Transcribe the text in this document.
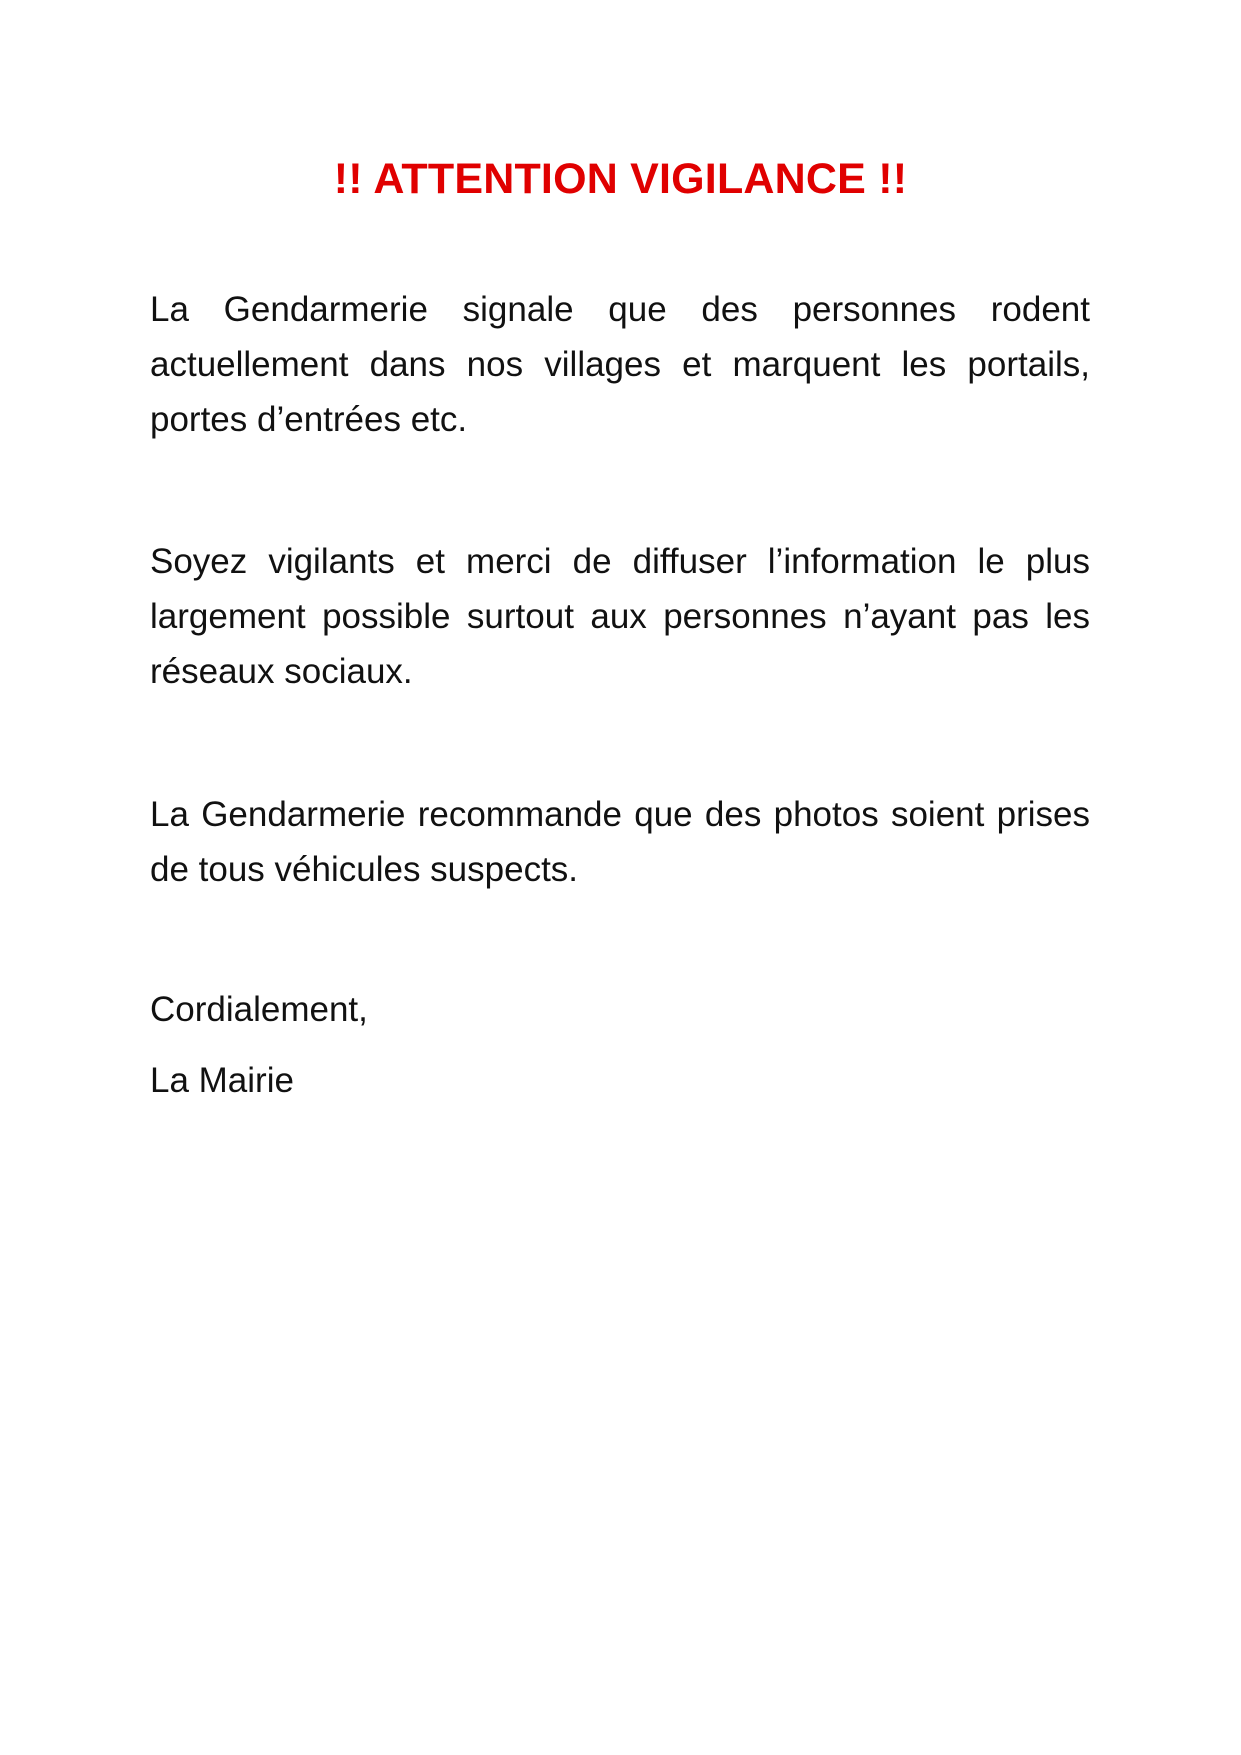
!! ATTENTION VIGILANCE !!

La Gendarmerie signale que des personnes rodent actuellement dans nos villages et marquent les portails, portes d’entrées etc.

Soyez vigilants et merci de diffuser l’information le plus largement possible surtout aux personnes n’ayant pas les réseaux sociaux.

La Gendarmerie recommande que des photos soient prises de tous véhicules suspects.

Cordialement,

La Mairie
